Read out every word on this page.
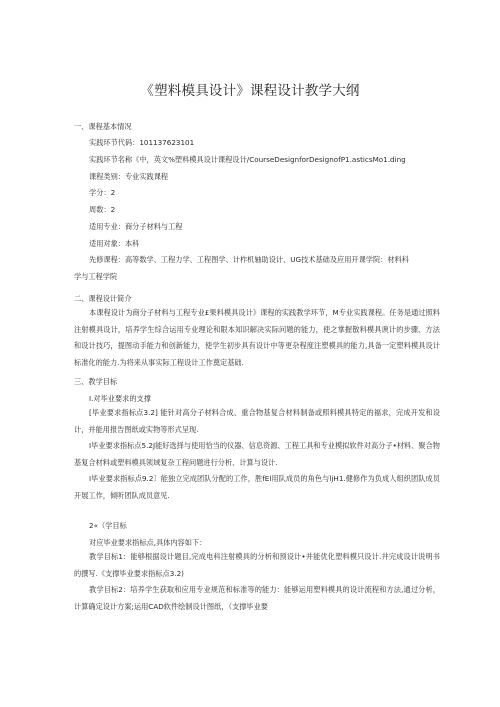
《塑料模具设计》课程设计教学大纲
一、课程基本情况
实践环节代码：101137623101
实践环节名称《中，英文%塑料模具设计课程设计/CourseDesignforDesignofP1.asticsMo1.ding
课程类别：专业实践课程
学分：2
周数：2
适用专业：商分子材料与工程
适用对象：本科
先修课程：高等数学、工程力学、工程图学、计柞机轴助设计、UG技术基础及应用开课学院：材料科
学与工程学院
二、课程设计简介
本课程设计为商分子材料与工程专业£果料模具设计》课程的实践教学环节，M专业实践课程。任务是通过照料注射模具设计，培养学生综合运用专业理论和限本知识解决实际问题的能力，使之掌握散料模具谀计的步骤、方法和设计技巧，提图动手能力和创新能力，使学生初步具有设计中等更杂程度注塑模具的能力,具备一定塑料模具设计标准化的能力.为将来从事实际工程设计工作奠定基础.
三、教学目标
I.对毕业要求的支撑
[毕业要求指标点3.2] 能针对高分子材料合成、重合物基复合材料制备或照料模具特定的福求，完成开发和设计，并能用报告图纸或实物等形式呈现.
I毕业要求指标点5.2J能好选择与使用恰当的仪器、信息资源、工程工具和专业模拟软件对高分子•材料、聚合物基复合材料或塑料模具领域复杂工程问题进行分析、计算与设计.
I毕业要求指标点9.2〕能独立完成团队分配的工作，胜fEl用队成员的角色与ljH1.健修作为负成人组织团队成员开展工作，倾听团队成员意见.
2«（学目标
对应毕业要求指标点,具体内容如下：
教学目标1：能够根据设计题目,完成电科注射模具的分析和预设计•并能优化塑料模只设计.井完成设计说明书的撰写.《支撑毕业要求指标点3.2)
教学目标2：培养学生获取和应用专业规范和标准等的能力：能够运用塑料模具的设计流程和方法,通过分析，计算确定设计方案;运用CAD软件绘制设计图纸，（支撑毕业要
